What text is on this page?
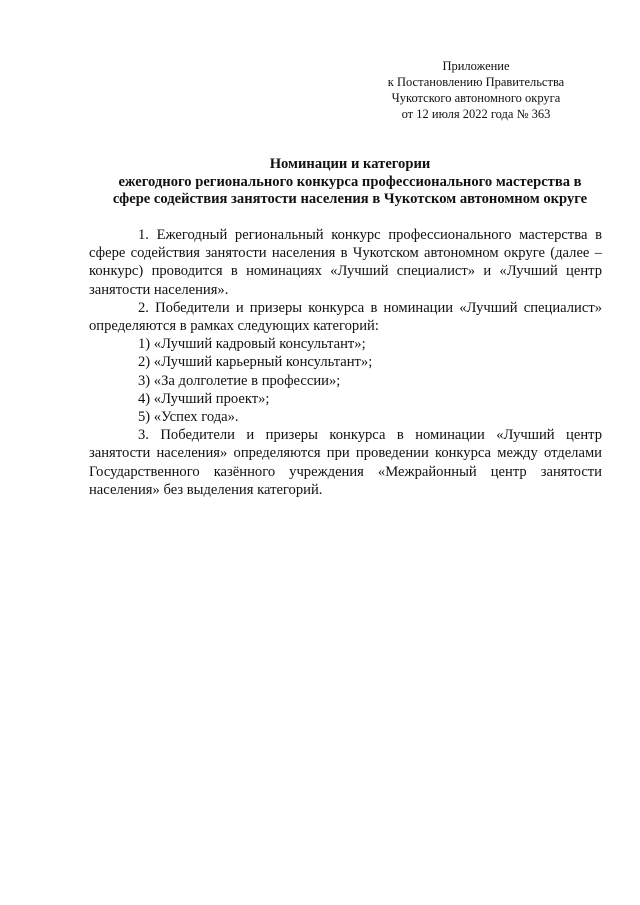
Приложение
к Постановлению Правительства
Чукотского автономного округа
от 12 июля 2022 года № 363
Номинации и категории
ежегодного регионального конкурса профессионального мастерства в
сфере содействия занятости населения в Чукотском автономном округе

1. Ежегодный региональный конкурс профессионального мастерства в сфере содействия занятости населения в Чукотском автономном округе (далее – конкурс) проводится в номинациях «Лучший специалист» и «Лучший центр занятости населения».

2. Победители и призеры конкурса в номинации «Лучший специалист» определяются в рамках следующих категорий:

1) «Лучший кадровый консультант»;

2) «Лучший карьерный консультант»;

3) «За долголетие в профессии»;

4) «Лучший проект»;

5) «Успех года».

3. Победители и призеры конкурса в номинации «Лучший центр занятости населения» определяются при проведении конкурса между отделами Государственного казённого учреждения «Межрайонный центр занятости населения» без выделения категорий.
